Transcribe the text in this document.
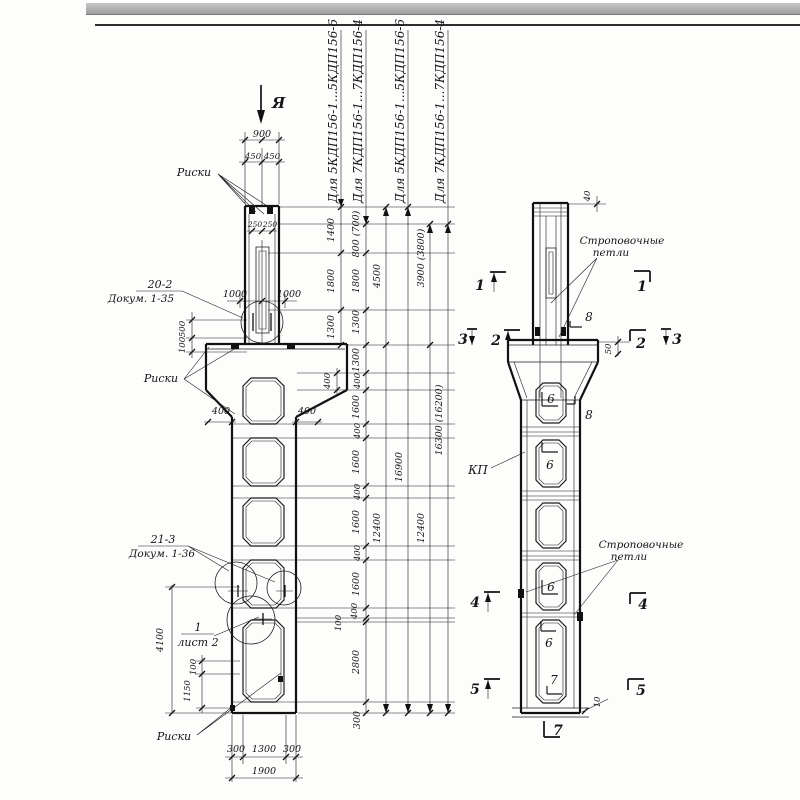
Для 5КДП156-1...5КДП156-6 Для 7КДП156-1...7КДП156-4 Для 5КДП156-1...5КДП156-6 Для 7КДП156-1...7КДП156-4
Я
Риски
20-2
Докум. 1-35
Риски
21-3
Докум. 1-36
1
лист 2
Риски
900
450 450
250 250
1000	1000
500
100
400	400
400
4100
100
1150
300 1300 300
1900
1400
1800
1300
800 (700)
1800
1300
1300
400
1600
400
1600
400
1600
400
1600
400
100
2800
300
4500
12400
16900
3900 (3800)
12400
16300 (16200)
Строповочные
петли
Строповочные
петли
КП
40
50
10
1	1
2	2
3	3
4	4
5	5
7
6
6
6
6
7
8
8
